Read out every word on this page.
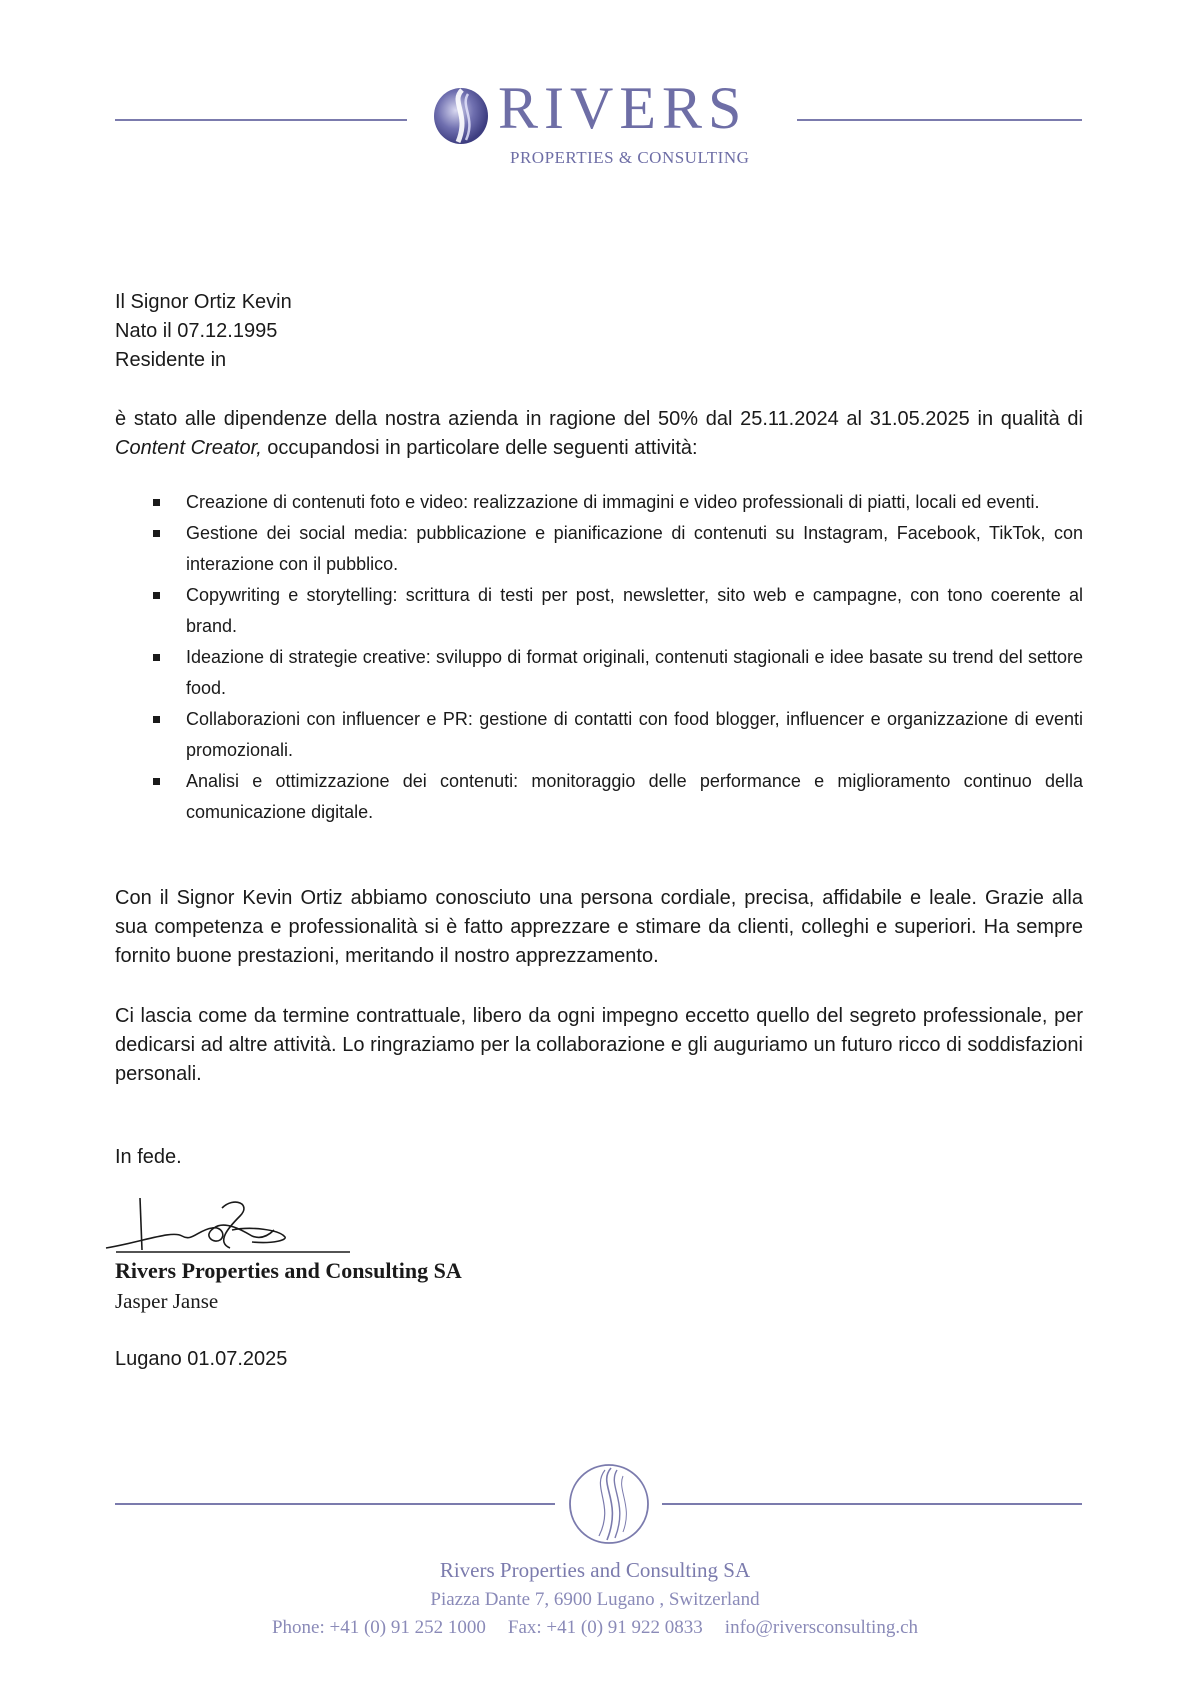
RIVERS
PROPERTIES & CONSULTING
Il Signor Ortiz Kevin
Nato il 07.12.1995
Residente in
è stato alle dipendenze della nostra azienda in ragione del 50% dal 25.11.2024 al 31.05.2025 in qualità di Content Creator, occupandosi in particolare delle seguenti attività:
Creazione di contenuti foto e video: realizzazione di immagini e video professionali di piatti, locali ed eventi.
Gestione dei social media: pubblicazione e pianificazione di contenuti su Instagram, Facebook, TikTok, con interazione con il pubblico.
Copywriting e storytelling: scrittura di testi per post, newsletter, sito web e campagne, con tono coerente al brand.
Ideazione di strategie creative: sviluppo di format originali, contenuti stagionali e idee basate su trend del settore food.
Collaborazioni con influencer e PR: gestione di contatti con food blogger, influencer e organizzazione di eventi promozionali.
Analisi e ottimizzazione dei contenuti: monitoraggio delle performance e miglioramento continuo della comunicazione digitale.
Con il Signor Kevin Ortiz abbiamo conosciuto una persona cordiale, precisa, affidabile e leale. Grazie alla sua competenza e professionalità si è fatto apprezzare e stimare da clienti, colleghi e superiori. Ha sempre fornito buone prestazioni, meritando il nostro apprezzamento.
Ci lascia come da termine contrattuale, libero da ogni impegno eccetto quello del segreto professionale, per dedicarsi ad altre attività. Lo ringraziamo per la collaborazione e gli auguriamo un futuro ricco di soddisfazioni personali.
In fede.
Rivers Properties and Consulting SA
Jasper Janse
Lugano 01.07.2025
Rivers Properties and Consulting SA
Piazza Dante 7, 6900 Lugano , Switzerland
Phone: +41 (0) 91 252 1000 Fax: +41 (0) 91 922 0833 info@riversconsulting.ch
